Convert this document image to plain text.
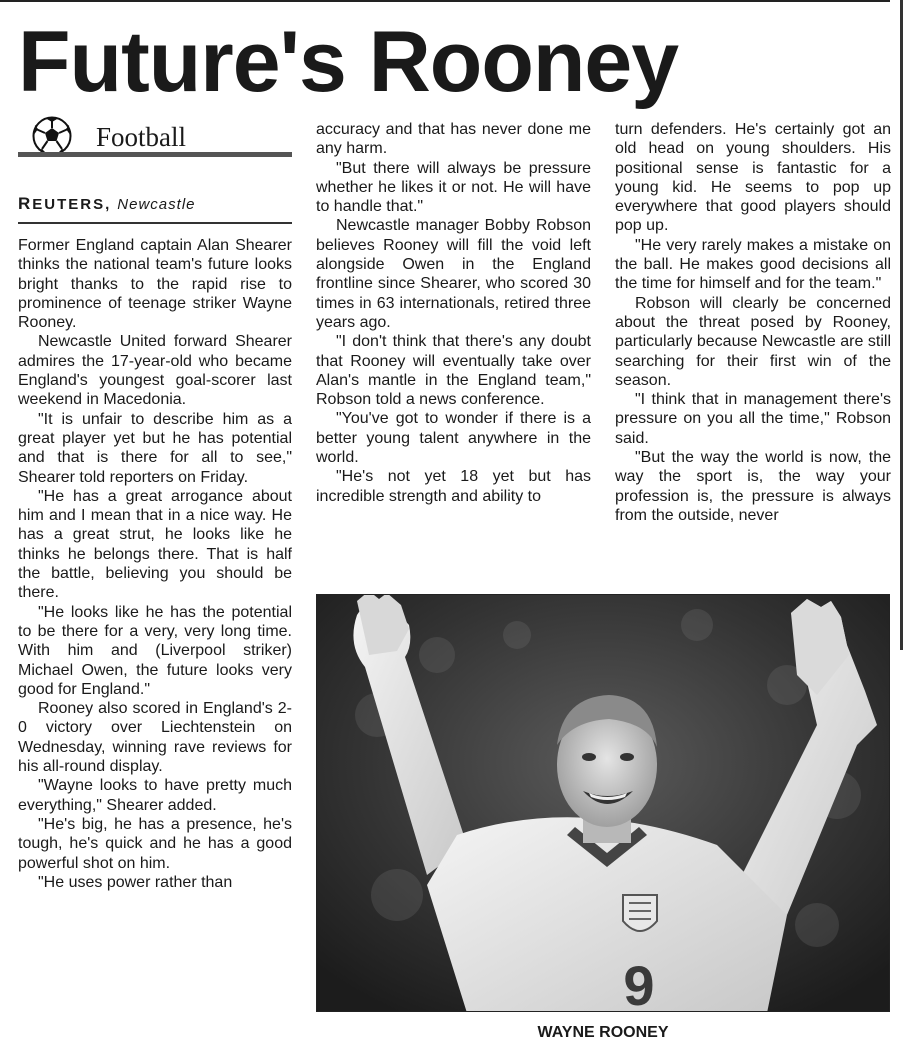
Future's Rooney
Football
REUTERS, Newcastle

Former England captain Alan Shearer thinks the national team's future looks bright thanks to the rapid rise to prominence of teenage striker Wayne Rooney.

Newcastle United forward Shearer admires the 17-year-old who became England's youngest goal-scorer last weekend in Macedonia.

"It is unfair to describe him as a great player yet but he has potential and that is there for all to see," Shearer told reporters on Friday.

"He has a great arrogance about him and I mean that in a nice way. He has a great strut, he looks like he thinks he belongs there. That is half the battle, believing you should be there.

"He looks like he has the potential to be there for a very, very long time. With him and (Liverpool striker) Michael Owen, the future looks very good for England."

Rooney also scored in England's 2-0 victory over Liechtenstein on Wednesday, winning rave reviews for his all-round display.

"Wayne looks to have pretty much everything," Shearer added.

"He's big, he has a presence, he's tough, he's quick and he has a good powerful shot on him.

"He uses power rather than

accuracy and that has never done me any harm.

"But there will always be pressure whether he likes it or not. He will have to handle that."

Newcastle manager Bobby Robson believes Rooney will fill the void left alongside Owen in the England frontline since Shearer, who scored 30 times in 63 internationals, retired three years ago.

"I don't think that there's any doubt that Rooney will eventually take over Alan's mantle in the England team," Robson told a news conference.

"You've got to wonder if there is a better young talent anywhere in the world.

"He's not yet 18 yet but has incredible strength and ability to

turn defenders. He's certainly got an old head on young shoulders. His positional sense is fantastic for a young kid. He seems to pop up everywhere that good players should pop up.

"He very rarely makes a mistake on the ball. He makes good decisions all the time for himself and for the team."

Robson will clearly be concerned about the threat posed by Rooney, particularly because Newcastle are still searching for their first win of the season.

"I think that in management there's pressure on you all the time," Robson said.

"But the way the world is now, the way the sport is, the way your profession is, the pressure is always from the outside, never

9
WAYNE ROONEY
